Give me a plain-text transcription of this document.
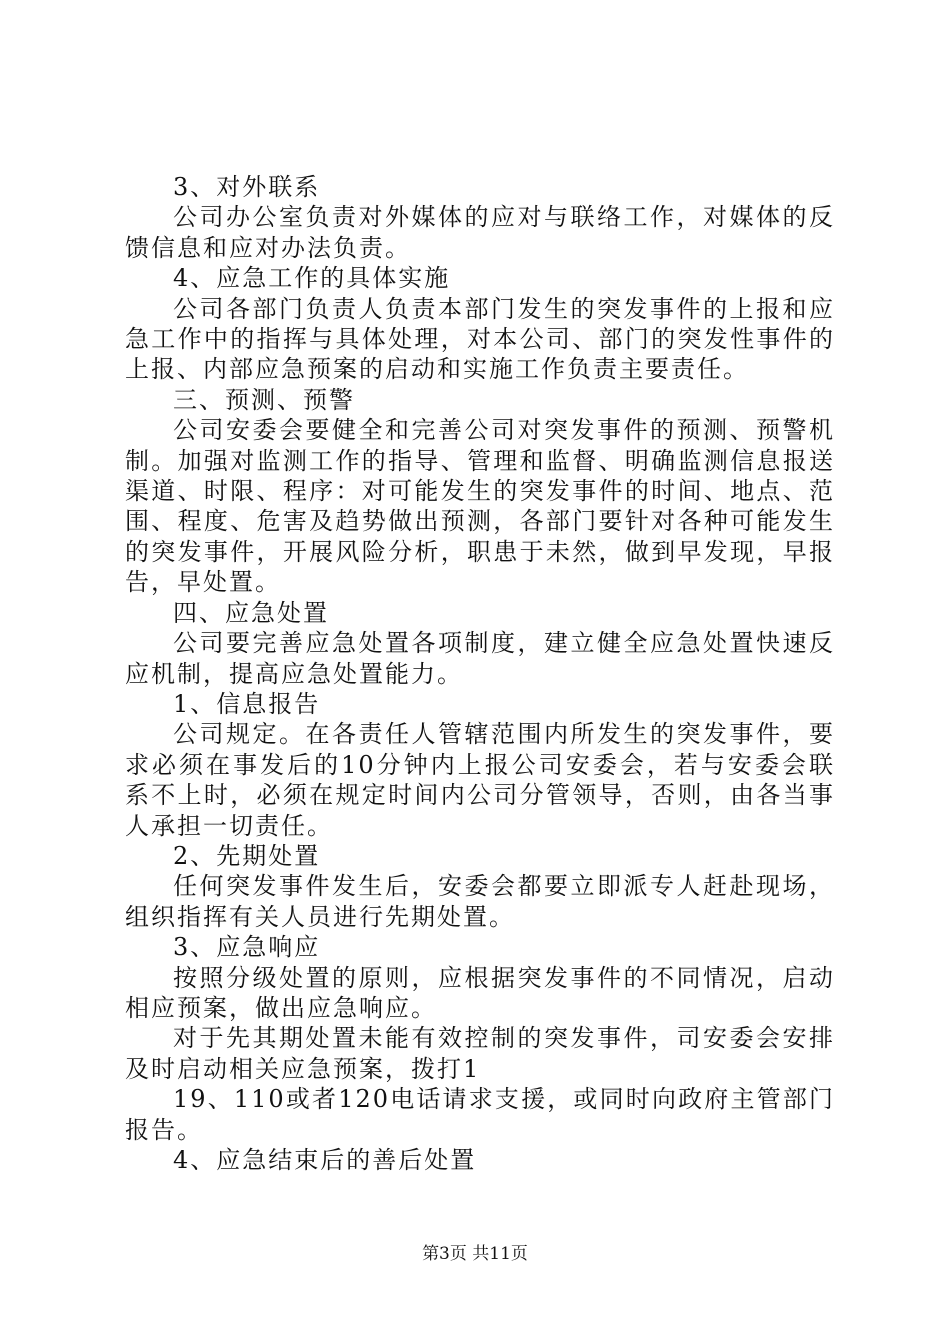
3、对外联系

公司办公室负责对外媒体的应对与联络工作，对媒体的反馈信息和应对办法负责。

4、应急工作的具体实施

公司各部门负责人负责本部门发生的突发事件的上报和应急工作中的指挥与具体处理，对本公司、部门的突发性事件的上报、内部应急预案的启动和实施工作负责主要责任。

三、预测、预警

公司安委会要健全和完善公司对突发事件的预测、预警机制。加强对监测工作的指导、管理和监督、明确监测信息报送渠道、时限、程序：对可能发生的突发事件的时间、地点、范围、程度、危害及趋势做出预测，各部门要针对各种可能发生的突发事件，开展风险分析，职患于未然，做到早发现，早报告，早处置。

四、应急处置

公司要完善应急处置各项制度，建立健全应急处置快速反应机制，提高应急处置能力。

1、信息报告

公司规定。在各责任人管辖范围内所发生的突发事件，要求必须在事发后的10分钟内上报公司安委会，若与安委会联系不上时，必须在规定时间内公司分管领导，否则，由各当事人承担一切责任。

2、先期处置

任何突发事件发生后，安委会都要立即派专人赶赴现场，组织指挥有关人员进行先期处置。

3、应急响应

按照分级处置的原则，应根据突发事件的不同情况，启动相应预案，做出应急响应。

对于先其期处置未能有效控制的突发事件，司安委会安排及时启动相关应急预案，拨打1

19、110或者120电话请求支援，或同时向政府主管部门报告。

4、应急结束后的善后处置

第3页 共11页
